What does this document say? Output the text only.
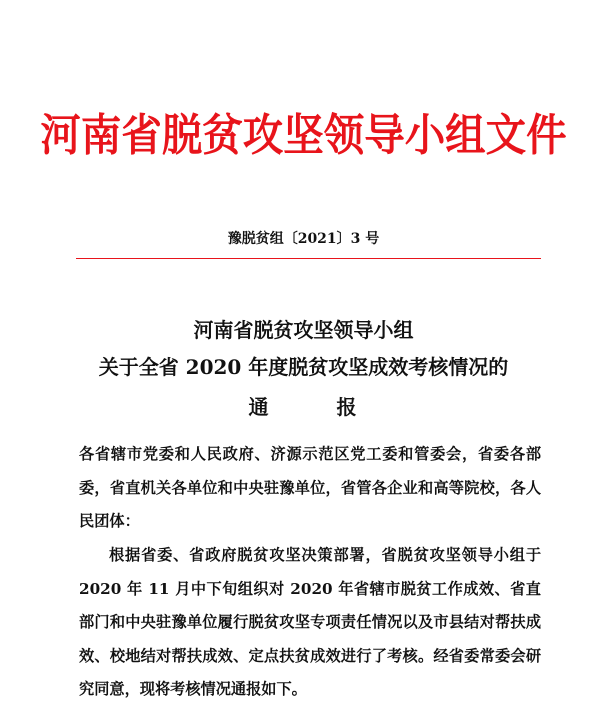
河南省脱贫攻坚领导小组文件
豫脱贫组〔2021〕3 号
河南省脱贫攻坚领导小组
关于全省 2020 年度脱贫攻坚成效考核情况的
通　　　报
各省辖市党委和人民政府、济源示范区党工委和管委会，省委各部委，省直机关各单位和中央驻豫单位，省管各企业和高等院校，各人民团体：
根据省委、省政府脱贫攻坚决策部署，省脱贫攻坚领导小组于 2020 年 11 月中下旬组织对 2020 年省辖市脱贫工作成效、省直部门和中央驻豫单位履行脱贫攻坚专项责任情况以及市县结对帮扶成效、校地结对帮扶成效、定点扶贫成效进行了考核。经省委常委会研究同意，现将考核情况通报如下。
